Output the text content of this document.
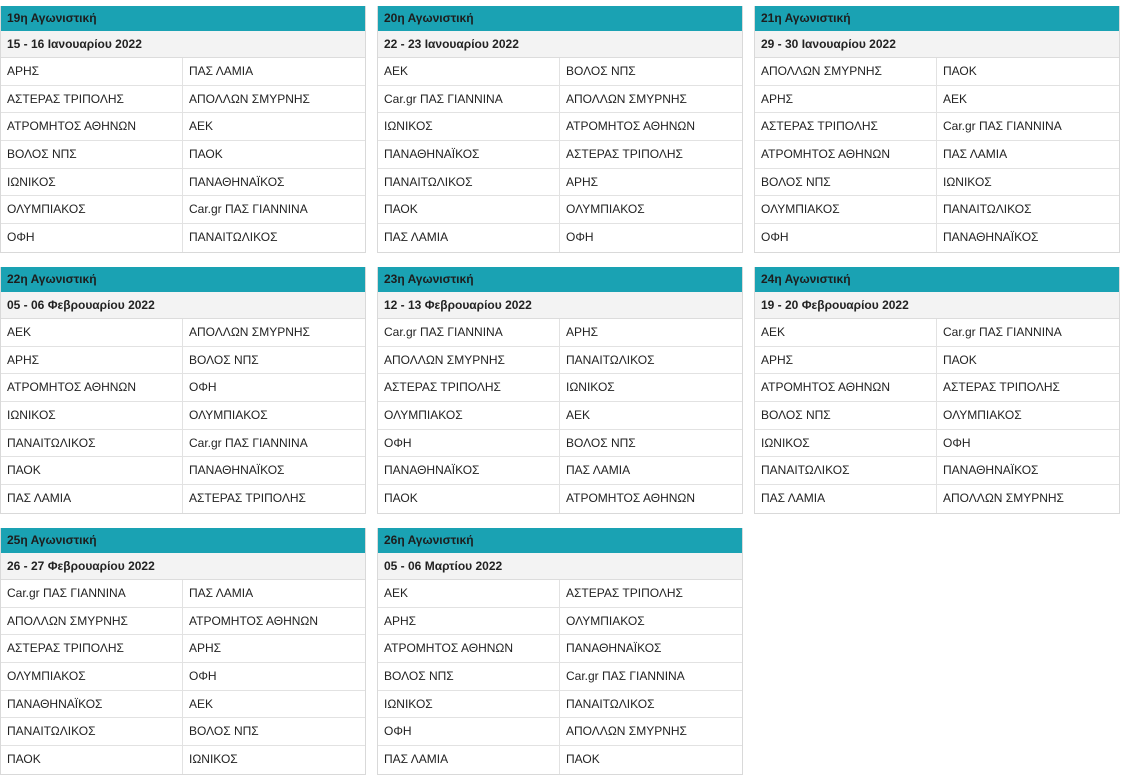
19η Αγωνιστική
15 - 16 Ιανουαρίου 2022
ΑΡΗΣ	ΠΑΣ ΛΑΜΙΑ
ΑΣΤΕΡΑΣ ΤΡΙΠΟΛΗΣ	ΑΠΟΛΛΩΝ ΣΜΥΡΝΗΣ
ΑΤΡΟΜΗΤΟΣ ΑΘΗΝΩΝ	ΑΕΚ
ΒΟΛΟΣ ΝΠΣ	ΠΑΟΚ
ΙΩΝΙΚΟΣ	ΠΑΝΑΘΗΝΑΪΚΟΣ
ΟΛΥΜΠΙΑΚΟΣ	Car.gr ΠΑΣ ΓΙΑΝΝΙΝΑ
ΟΦΗ	ΠΑΝΑΙΤΩΛΙΚΟΣ
20η Αγωνιστική
22 - 23 Ιανουαρίου 2022
ΑΕΚ	ΒΟΛΟΣ ΝΠΣ
Car.gr ΠΑΣ ΓΙΑΝΝΙΝΑ	ΑΠΟΛΛΩΝ ΣΜΥΡΝΗΣ
ΙΩΝΙΚΟΣ	ΑΤΡΟΜΗΤΟΣ ΑΘΗΝΩΝ
ΠΑΝΑΘΗΝΑΪΚΟΣ	ΑΣΤΕΡΑΣ ΤΡΙΠΟΛΗΣ
ΠΑΝΑΙΤΩΛΙΚΟΣ	ΑΡΗΣ
ΠΑΟΚ	ΟΛΥΜΠΙΑΚΟΣ
ΠΑΣ ΛΑΜΙΑ	ΟΦΗ
21η Αγωνιστική
29 - 30 Ιανουαρίου 2022
ΑΠΟΛΛΩΝ ΣΜΥΡΝΗΣ	ΠΑΟΚ
ΑΡΗΣ	ΑΕΚ
ΑΣΤΕΡΑΣ ΤΡΙΠΟΛΗΣ	Car.gr ΠΑΣ ΓΙΑΝΝΙΝΑ
ΑΤΡΟΜΗΤΟΣ ΑΘΗΝΩΝ	ΠΑΣ ΛΑΜΙΑ
ΒΟΛΟΣ ΝΠΣ	ΙΩΝΙΚΟΣ
ΟΛΥΜΠΙΑΚΟΣ	ΠΑΝΑΙΤΩΛΙΚΟΣ
ΟΦΗ	ΠΑΝΑΘΗΝΑΪΚΟΣ
22η Αγωνιστική
05 - 06 Φεβρουαρίου 2022
ΑΕΚ	ΑΠΟΛΛΩΝ ΣΜΥΡΝΗΣ
ΑΡΗΣ	ΒΟΛΟΣ ΝΠΣ
ΑΤΡΟΜΗΤΟΣ ΑΘΗΝΩΝ	ΟΦΗ
ΙΩΝΙΚΟΣ	ΟΛΥΜΠΙΑΚΟΣ
ΠΑΝΑΙΤΩΛΙΚΟΣ	Car.gr ΠΑΣ ΓΙΑΝΝΙΝΑ
ΠΑΟΚ	ΠΑΝΑΘΗΝΑΪΚΟΣ
ΠΑΣ ΛΑΜΙΑ	ΑΣΤΕΡΑΣ ΤΡΙΠΟΛΗΣ
23η Αγωνιστική
12 - 13 Φεβρουαρίου 2022
Car.gr ΠΑΣ ΓΙΑΝΝΙΝΑ	ΑΡΗΣ
ΑΠΟΛΛΩΝ ΣΜΥΡΝΗΣ	ΠΑΝΑΙΤΩΛΙΚΟΣ
ΑΣΤΕΡΑΣ ΤΡΙΠΟΛΗΣ	ΙΩΝΙΚΟΣ
ΟΛΥΜΠΙΑΚΟΣ	ΑΕΚ
ΟΦΗ	ΒΟΛΟΣ ΝΠΣ
ΠΑΝΑΘΗΝΑΪΚΟΣ	ΠΑΣ ΛΑΜΙΑ
ΠΑΟΚ	ΑΤΡΟΜΗΤΟΣ ΑΘΗΝΩΝ
24η Αγωνιστική
19 - 20 Φεβρουαρίου 2022
ΑΕΚ	Car.gr ΠΑΣ ΓΙΑΝΝΙΝΑ
ΑΡΗΣ	ΠΑΟΚ
ΑΤΡΟΜΗΤΟΣ ΑΘΗΝΩΝ	ΑΣΤΕΡΑΣ ΤΡΙΠΟΛΗΣ
ΒΟΛΟΣ ΝΠΣ	ΟΛΥΜΠΙΑΚΟΣ
ΙΩΝΙΚΟΣ	ΟΦΗ
ΠΑΝΑΙΤΩΛΙΚΟΣ	ΠΑΝΑΘΗΝΑΪΚΟΣ
ΠΑΣ ΛΑΜΙΑ	ΑΠΟΛΛΩΝ ΣΜΥΡΝΗΣ
25η Αγωνιστική
26 - 27 Φεβρουαρίου 2022
Car.gr ΠΑΣ ΓΙΑΝΝΙΝΑ	ΠΑΣ ΛΑΜΙΑ
ΑΠΟΛΛΩΝ ΣΜΥΡΝΗΣ	ΑΤΡΟΜΗΤΟΣ ΑΘΗΝΩΝ
ΑΣΤΕΡΑΣ ΤΡΙΠΟΛΗΣ	ΑΡΗΣ
ΟΛΥΜΠΙΑΚΟΣ	ΟΦΗ
ΠΑΝΑΘΗΝΑΪΚΟΣ	ΑΕΚ
ΠΑΝΑΙΤΩΛΙΚΟΣ	ΒΟΛΟΣ ΝΠΣ
ΠΑΟΚ	ΙΩΝΙΚΟΣ
26η Αγωνιστική
05 - 06 Μαρτίου 2022
ΑΕΚ	ΑΣΤΕΡΑΣ ΤΡΙΠΟΛΗΣ
ΑΡΗΣ	ΟΛΥΜΠΙΑΚΟΣ
ΑΤΡΟΜΗΤΟΣ ΑΘΗΝΩΝ	ΠΑΝΑΘΗΝΑΪΚΟΣ
ΒΟΛΟΣ ΝΠΣ	Car.gr ΠΑΣ ΓΙΑΝΝΙΝΑ
ΙΩΝΙΚΟΣ	ΠΑΝΑΙΤΩΛΙΚΟΣ
ΟΦΗ	ΑΠΟΛΛΩΝ ΣΜΥΡΝΗΣ
ΠΑΣ ΛΑΜΙΑ	ΠΑΟΚ
